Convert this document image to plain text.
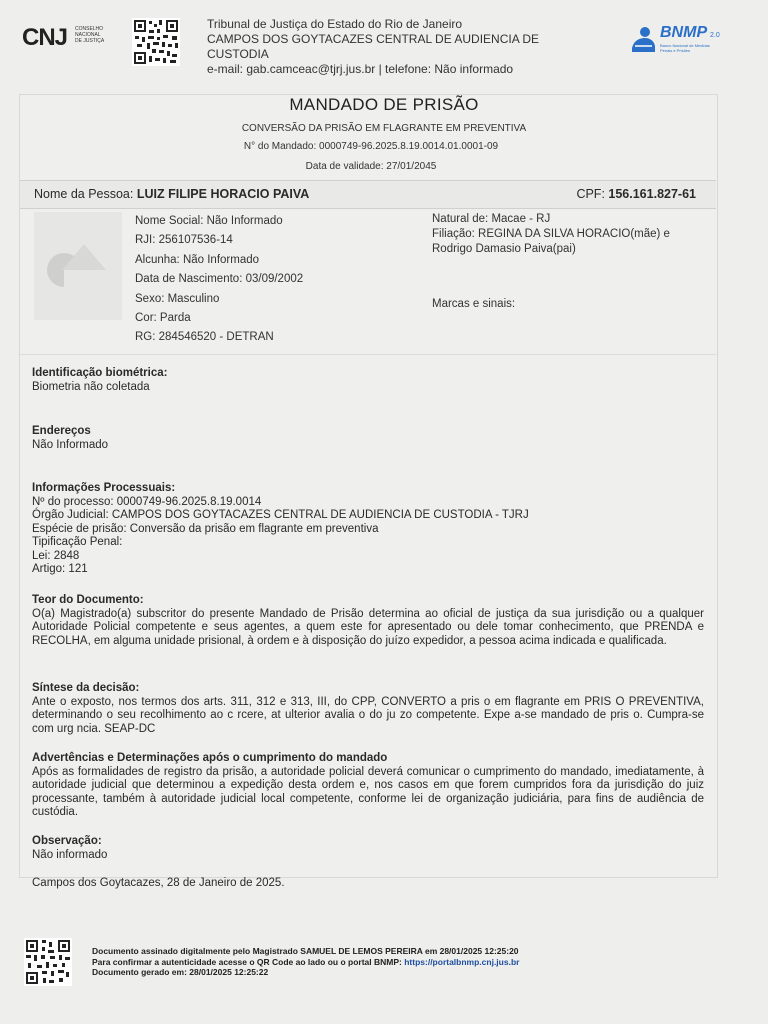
CNJ CONSELHO
NACIONAL
DE JUSTIÇA
Tribunal de Justiça do Estado do Rio de Janeiro
CAMPOS DOS GOYTACAZES CENTRAL DE AUDIENCIA DE
CUSTODIA
e-mail: gab.camceac@tjrj.jus.br | telefone: Não informado
BNMP 2.0
Banco Nacional de Medidas Penais e Prisões
MANDADO DE PRISÃO
CONVERSÃO DA PRISÃO EM FLAGRANTE EM PREVENTIVA
N° do Mandado: 0000749-96.2025.8.19.0014.01.0001-09
Data de validade: 27/01/2045
Nome da Pessoa: LUIZ FILIPE HORACIO PAIVA	CPF: 156.161.827-61
Nome Social: Não Informado
RJI: 256107536-14
Alcunha: Não Informado
Data de Nascimento: 03/09/2002
Sexo: Masculino
Cor: Parda
RG: 284546520 - DETRAN
Natural de: Macae - RJ
Filiação: REGINA DA SILVA HORACIO(mãe) e
Rodrigo Damasio Paiva(pai)
Marcas e sinais:
Identificação biométrica:
Biometria não coletada
Endereços
Não Informado
Informações Processuais:
Nº do processo: 0000749-96.2025.8.19.0014
Órgão Judicial: CAMPOS DOS GOYTACAZES CENTRAL DE AUDIENCIA DE CUSTODIA - TJRJ
Espécie de prisão: Conversão da prisão em flagrante em preventiva
Tipificação Penal:
Lei: 2848
Artigo: 121
Teor do Documento:
O(a) Magistrado(a) subscritor do presente Mandado de Prisão determina ao oficial de justiça da sua jurisdição ou a qualquer Autoridade Policial competente e seus agentes, a quem este for apresentado ou dele tomar conhecimento, que PRENDA e RECOLHA, em alguma unidade prisional, à ordem e à disposição do juízo expedidor, a pessoa acima indicada e qualificada.
Síntese da decisão:
Ante o exposto, nos termos dos arts. 311, 312 e 313, III, do CPP, CONVERTO a pris o em flagrante em PRIS O PREVENTIVA, determinando o seu recolhimento ao c rcere, at ulterior avalia o do ju zo competente. Expe a-se mandado de pris o. Cumpra-se com urg ncia. SEAP-DC
Advertências e Determinações após o cumprimento do mandado
Após as formalidades de registro da prisão, a autoridade policial deverá comunicar o cumprimento do mandado, imediatamente, à autoridade judicial que determinou a expedição desta ordem e, nos casos em que forem cumpridos fora da jurisdição do juiz processante, também à autoridade judicial local competente, conforme lei de organização judiciária, para fins de audiência de custódia.
Observação:
Não informado
Campos dos Goytacazes, 28 de Janeiro de 2025.
Documento assinado digitalmente pelo Magistrado SAMUEL DE LEMOS PEREIRA em 28/01/2025 12:25:20
Para confirmar a autenticidade acesse o QR Code ao lado ou o portal BNMP: https://portalbnmp.cnj.jus.br
Documento gerado em: 28/01/2025 12:25:22
